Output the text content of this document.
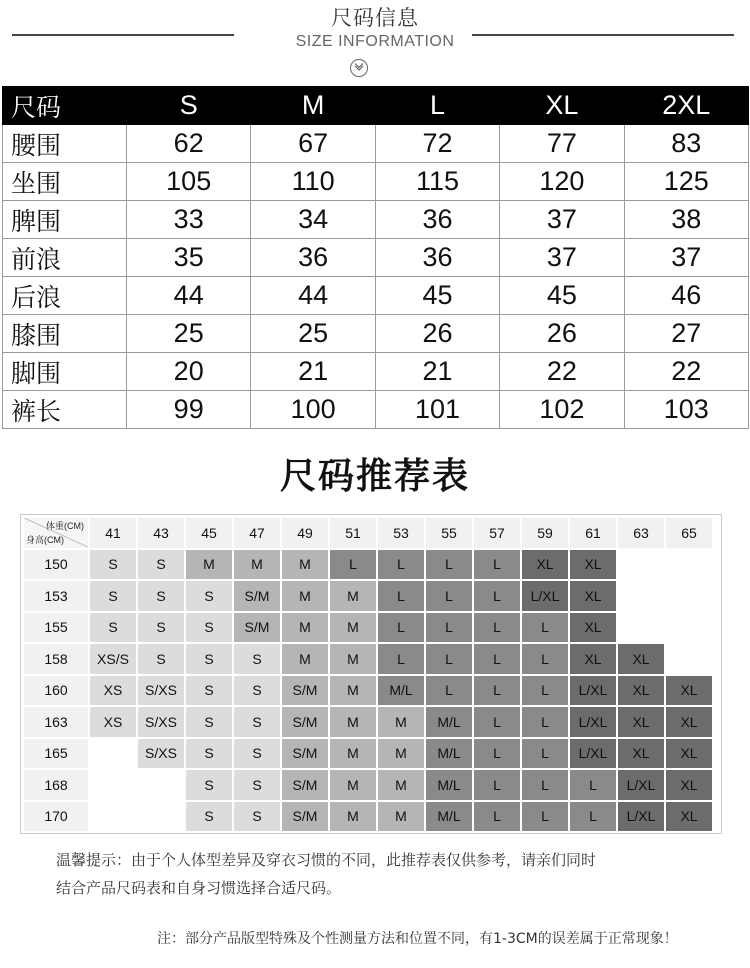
尺码信息
SIZE INFORMATION
尺码	S	M	L	XL	2XL
腰围	62	67	72	77	83
坐围	105	110	115	120	125
脾围	33	34	36	37	38
前浪	35	36	36	37	37
后浪	44	44	45	45	46
膝围	25	25	26	26	27
脚围	20	21	21	22	22
裤长	99	100	101	102	103
尺码推荐表
体重(CM)
身高(CM)	41	43	45	47	49	51	53	55	57	59	61	63	65
150	S	S	M	M	M	L	L	L	L	XL	XL		
153	S	S	S	S/M	M	M	L	L	L	L/XL	XL		
155	S	S	S	S/M	M	M	L	L	L	L	XL		
158	XS/S	S	S	S	M	M	L	L	L	L	XL	XL	
160	XS	S/XS	S	S	S/M	M	M/L	L	L	L	L/XL	XL	XL
163	XS	S/XS	S	S	S/M	M	M	M/L	L	L	L/XL	XL	XL
165		S/XS	S	S	S/M	M	M	M/L	L	L	L/XL	XL	XL
168			S	S	S/M	M	M	M/L	L	L	L	L/XL	XL
170			S	S	S/M	M	M	M/L	L	L	L	L/XL	XL
温馨提示：由于个人体型差异及穿衣习惯的不同，此推荐表仅供参考，请亲们同时
结合产品尺码表和自身习惯选择合适尺码。
注：部分产品版型特殊及个性测量方法和位置不同，有1-3CM的误差属于正常现象！
